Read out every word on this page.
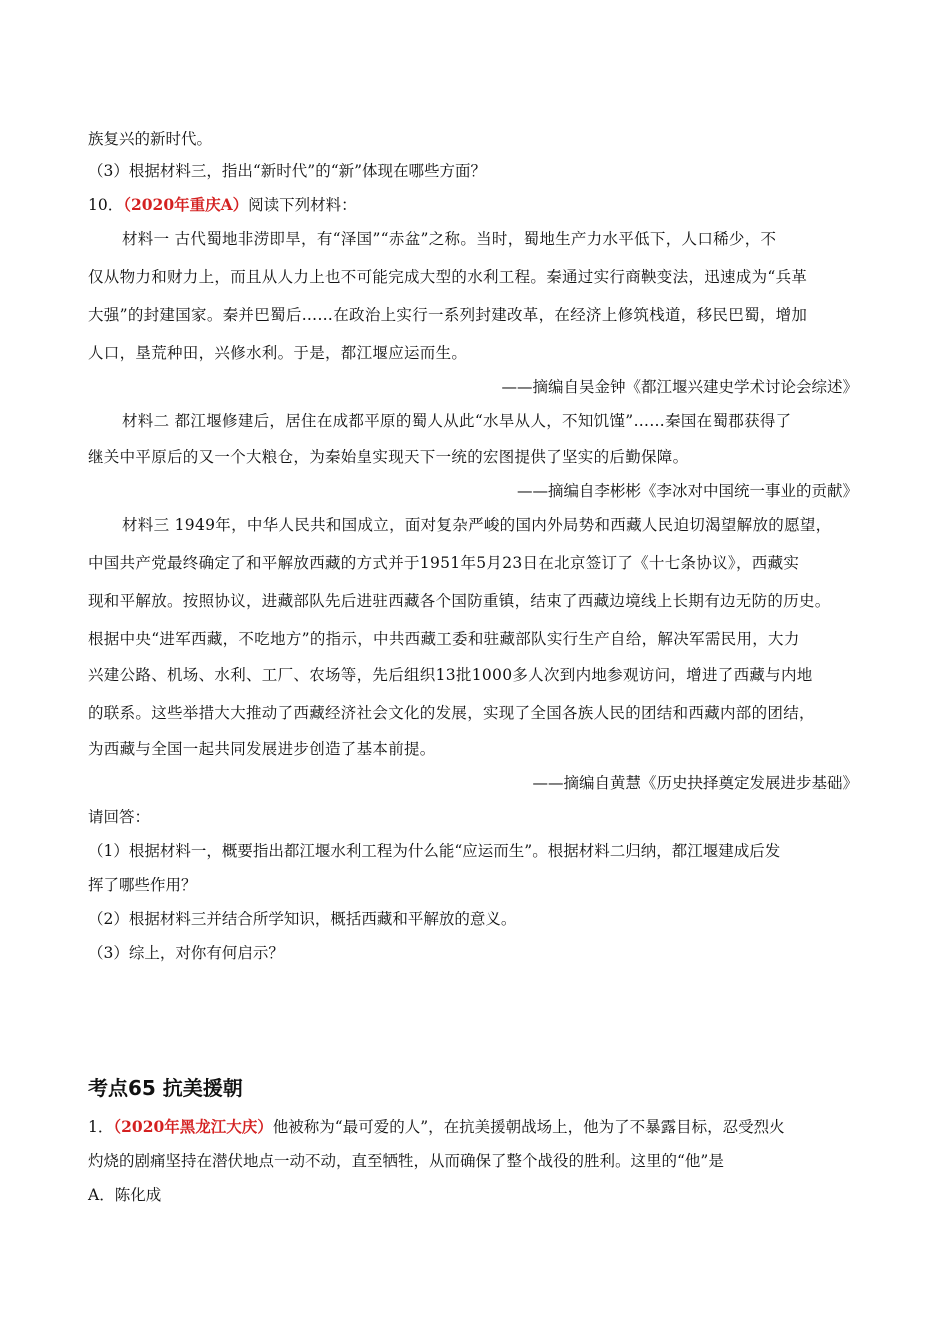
族复兴的新时代。
（3）根据材料三，指出“新时代”的“新”体现在哪些方面？
10．（2020年重庆A）阅读下列材料：
材料一 古代蜀地非涝即旱，有“泽国”“赤盆”之称。当时，蜀地生产力水平低下，人口稀少，不
仅从物力和财力上，而且从人力上也不可能完成大型的水利工程。秦通过实行商鞅变法，迅速成为“兵革
大强”的封建国家。秦并巴蜀后……在政治上实行一系列封建改革，在经济上修筑栈道，移民巴蜀，增加
人口，垦荒种田，兴修水利。于是，都江堰应运而生。
——摘编自吴金钟《都江堰兴建史学术讨论会综述》
材料二 都江堰修建后，居住在成都平原的蜀人从此“水旱从人，不知饥馑”……秦国在蜀郡获得了
继关中平原后的又一个大粮仓，为秦始皇实现天下一统的宏图提供了坚实的后勤保障。
——摘编自李彬彬《李冰对中国统一事业的贡献》
材料三 1949年，中华人民共和国成立，面对复杂严峻的国内外局势和西藏人民迫切渴望解放的愿望，
中国共产党最终确定了和平解放西藏的方式并于1951年5月23日在北京签订了《十七条协议》，西藏实
现和平解放。按照协议，进藏部队先后进驻西藏各个国防重镇，结束了西藏边境线上长期有边无防的历史。
根据中央“进军西藏，不吃地方”的指示，中共西藏工委和驻藏部队实行生产自给，解决军需民用，大力
兴建公路、机场、水利、工厂、农场等，先后组织13批1000多人次到内地参观访问，增进了西藏与内地
的联系。这些举措大大推动了西藏经济社会文化的发展，实现了全国各族人民的团结和西藏内部的团结，
为西藏与全国一起共同发展进步创造了基本前提。
——摘编自黄慧《历史抉择奠定发展进步基础》
请回答：
（1）根据材料一，概要指出都江堰水利工程为什么能“应运而生”。根据材料二归纳，都江堰建成后发
挥了哪些作用？
（2）根据材料三并结合所学知识，概括西藏和平解放的意义。
（3）综上，对你有何启示？
考点65 抗美援朝
1．（2020年黑龙江大庆）他被称为“最可爱的人”，在抗美援朝战场上，他为了不暴露目标，忍受烈火
灼烧的剧痛坚持在潜伏地点一动不动，直至牺牲，从而确保了整个战役的胜利。这里的“他”是
A．陈化成
